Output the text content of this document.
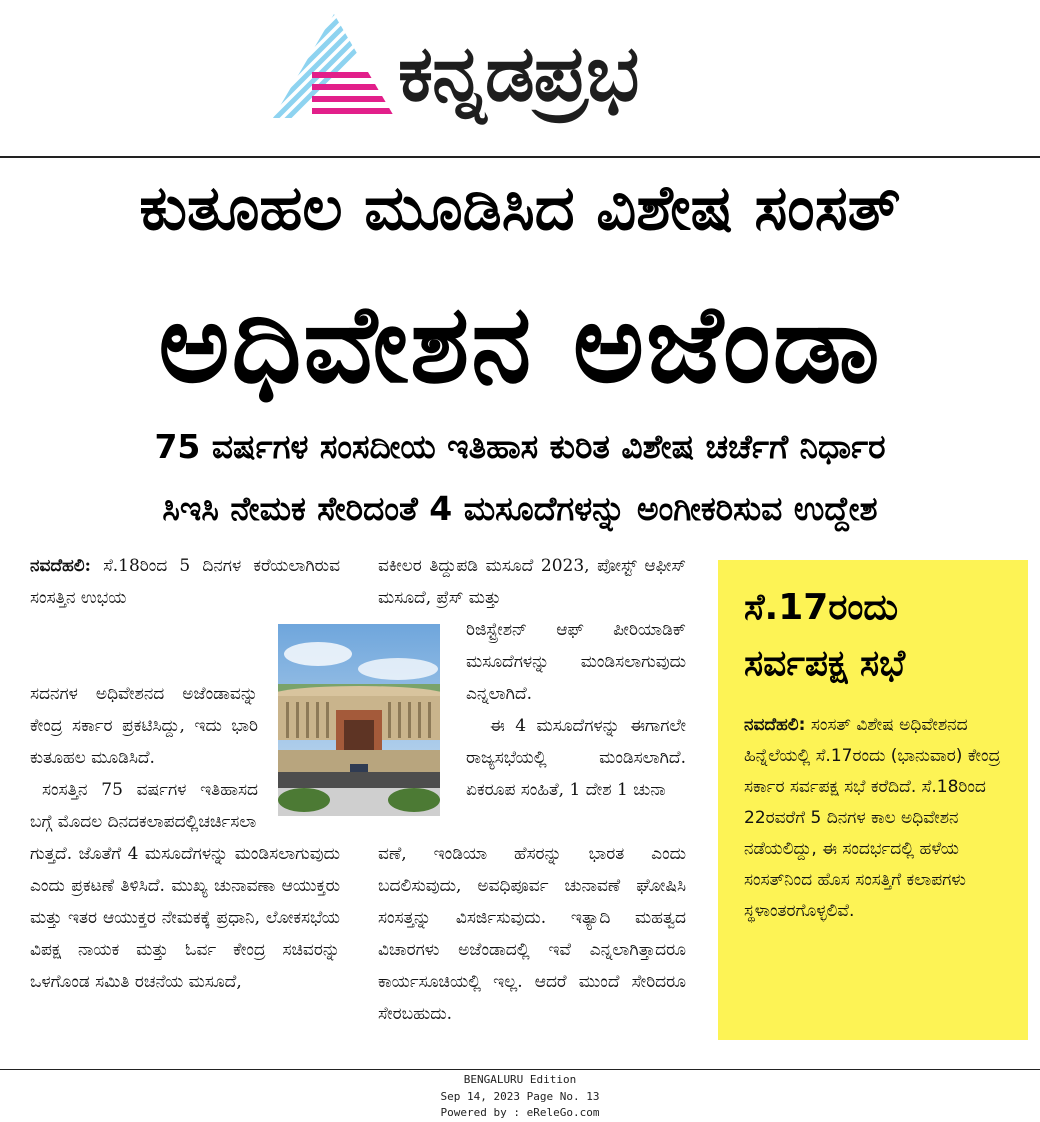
ಕನ್ನಡಪ್ರಭ
ಕುತೂಹಲ ಮೂಡಿಸಿದ ವಿಶೇಷ ಸಂಸತ್
ಅಧಿವೇಶನ ಅಜೆಂಡಾ
75 ವರ್ಷಗಳ ಸಂಸದೀಯ ಇತಿಹಾಸ ಕುರಿತ ವಿಶೇಷ ಚರ್ಚೆಗೆ ನಿರ್ಧಾರ
ಸಿಇಸಿ ನೇಮಕ ಸೇರಿದಂತೆ 4 ಮಸೂದೆಗಳನ್ನು ಅಂಗೀಕರಿಸುವ ಉದ್ದೇಶ
ನವದೆಹಲಿ: ಸೆ.18ರಿಂದ 5 ದಿನಗಳ ಕರೆಯಲಾಗಿರುವ ಸಂಸತ್ತಿನ ಉಭಯ
ಸದನಗಳ ಅಧಿವೇಶನದ ಅಜೆಂಡಾವನ್ನು ಕೇಂದ್ರ ಸರ್ಕಾರ ಪ್ರಕಟಿಸಿದ್ದು, ಇದು ಭಾರಿ ಕುತೂಹಲ ಮೂಡಿಸಿದೆ.
ಸಂಸತ್ತಿನ 75 ವರ್ಷಗಳ ಇತಿಹಾಸದ ಬಗ್ಗೆ ಮೊದಲ ದಿನದಕಲಾಪದಲ್ಲಿಚರ್ಚಿಸಲಾ
ಗುತ್ತದೆ. ಜೊತೆಗೆ 4 ಮಸೂದೆಗಳನ್ನು ಮಂಡಿಸಲಾಗುವುದು ಎಂದು ಪ್ರಕಟಣೆ ತಿಳಿಸಿದೆ. ಮುಖ್ಯ ಚುನಾವಣಾ ಆಯುಕ್ತರು ಮತ್ತು ಇತರ ಆಯುಕ್ತರ ನೇಮಕಕ್ಕೆ ಪ್ರಧಾನಿ, ಲೋಕಸಭೆಯ ವಿಪಕ್ಷ ನಾಯಕ ಮತ್ತು ಓರ್ವ ಕೇಂದ್ರ ಸಚಿವರನ್ನು ಒಳಗೊಂಡ ಸಮಿತಿ ರಚನೆಯ ಮಸೂದೆ,
ವಕೀಲರ ತಿದ್ದುಪಡಿ ಮಸೂದೆ 2023, ಪೋಸ್ಟ್ ಆಫೀಸ್ ಮಸೂದೆ, ಪ್ರೆಸ್ ಮತ್ತು
ರಿಜಿಸ್ಟ್ರೇಶನ್ ಆಫ್ ಪೀರಿಯಾಡಿಕ್ ಮಸೂದೆಗಳನ್ನು ಮಂಡಿಸಲಾಗುವುದು ಎನ್ನಲಾಗಿದೆ.
ಈ 4 ಮಸೂದೆಗಳನ್ನು ಈಗಾಗಲೇ ರಾಜ್ಯಸಭೆಯಲ್ಲಿ ಮಂಡಿಸಲಾಗಿದೆ. ಏಕರೂಪ ಸಂಹಿತೆ, 1 ದೇಶ 1 ಚುನಾ
ವಣೆ, ಇಂಡಿಯಾ ಹೆಸರನ್ನು ಭಾರತ ಎಂದು ಬದಲಿಸುವುದು, ಅವಧಿಪೂರ್ವ ಚುನಾವಣೆ ಘೋಷಿಸಿ ಸಂಸತ್ತನ್ನು ವಿಸರ್ಜಿಸುವುದು. ಇತ್ಯಾದಿ ಮಹತ್ವದ ವಿಚಾರಗಳು ಅಜೆಂಡಾದಲ್ಲಿ ಇವೆ ಎನ್ನಲಾಗಿತ್ತಾದರೂ ಕಾರ್ಯಸೂಚಿಯಲ್ಲಿ ಇಲ್ಲ. ಆದರೆ ಮುಂದೆ ಸೇರಿದರೂ ಸೇರಬಹುದು.
ಸೆ.17ರಂದು
ಸರ್ವಪಕ್ಷ ಸಭೆ
ನವದೆಹಲಿ: ಸಂಸತ್ ವಿಶೇಷ ಅಧಿವೇಶನದ ಹಿನ್ನೆಲೆಯಲ್ಲಿ ಸೆ.17ರಂದು (ಭಾನುವಾರ) ಕೇಂದ್ರ ಸರ್ಕಾರ ಸರ್ವಪಕ್ಷ ಸಭೆ ಕರೆದಿದೆ. ಸೆ.18ರಿಂದ 22ರವರೆಗೆ 5 ದಿನಗಳ ಕಾಲ ಅಧಿವೇಶನ ನಡೆಯಲಿದ್ದು, ಈ ಸಂದರ್ಭದಲ್ಲಿ ಹಳೆಯ ಸಂಸತ್‌ನಿಂದ ಹೊಸ ಸಂಸತ್ತಿಗೆ ಕಲಾಪಗಳು ಸ್ಥಳಾಂತರಗೊಳ್ಳಲಿವೆ.
BENGALURU Edition
Sep 14, 2023 Page No. 13
Powered by : eReleGo.com
